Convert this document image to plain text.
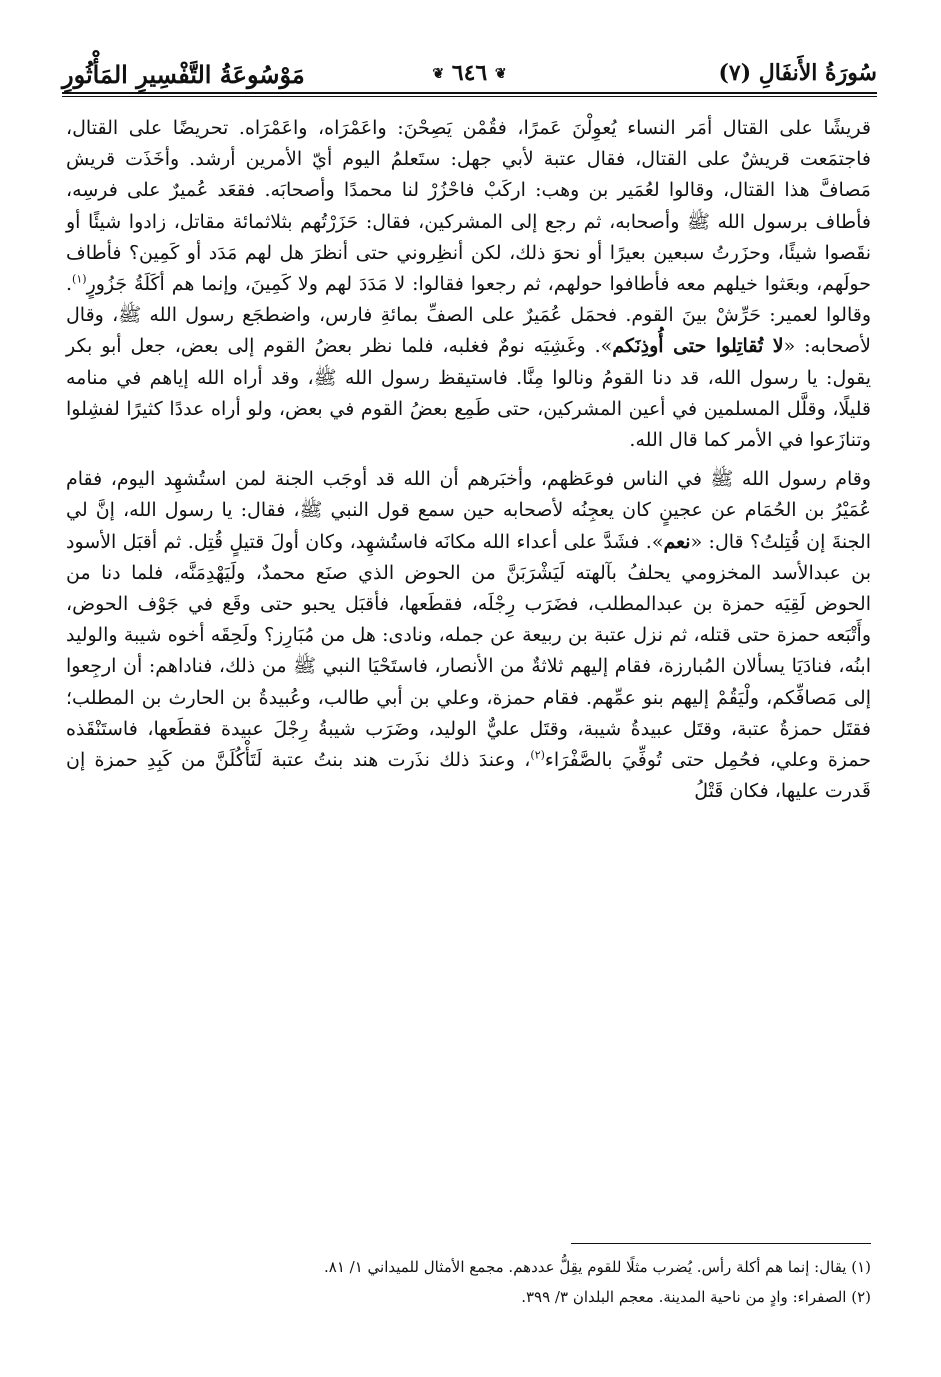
سُورَةُ الأَنفَالِ (٧)
❦ ٦٤٦ ❦
مَوْسُوعَةُ التَّفْسِيرِ المَأْثُورِ

قريشًا على القتال أمَر النساء يُعوِلْنَ عَمرًا، فقُمْن يَصِحْنَ: واعَمْرَاه، واعَمْرَاه. تحريضًا على القتال، فاجتمَعت قريشٌ على القتال، فقال عتبة لأبي جهل: ستَعلمُ اليوم أيّ الأمرين أرشد. وأخَذَت قريش مَصافَّ هذا القتال، وقالوا لعُمَير بن وهب: اركَبْ فاحْزُرْ لنا محمدًا وأصحابَه. فقعَد عُميرٌ على فرسِه، فأطاف برسول الله ﷺ وأصحابه، ثم رجع إلى المشركين، فقال: حَزَرْتُهم بثلاثمائة مقاتل، زادوا شيئًا أو نقَصوا شيئًا، وحزَرتُ سبعين بعيرًا أو نحوَ ذلك، لكن أنظِروني حتى أنظرَ هل لهم مَدَد أو كَمِين؟ فأطاف حولَهم، وبعَثوا خيلهم معه فأطافوا حولهم، ثم رجعوا فقالوا: لا مَدَدَ لهم ولا كَمِينَ، وإنما هم أكَلَةُ جَزُورٍ$^{(١)}$. وقالوا لعمير: حَرِّشْ بينَ القوم. فحمَل عُمَيرٌ على الصفِّ بمائةِ فارس، واضطجَع رسول الله ﷺ، وقال لأصحابه: «لا تُقاتِلوا حتى أُوذِنَكم». وغَشِيَه نومٌ فغلبه، فلما نظر بعضُ القوم إلى بعض، جعل أبو بكر يقول: يا رسول الله، قد دنا القومُ ونالوا مِنَّا. فاستيقظ رسول الله ﷺ، وقد أراه الله إياهم في منامه قليلًا، وقلَّل المسلمين في أعين المشركين، حتى طَمِع بعضُ القوم في بعض، ولو أراه عددًا كثيرًا لفشِلوا وتنازَعوا في الأمر كما قال الله.

وقام رسول الله ﷺ في الناس فوعَظهم، وأخبَرهم أن الله قد أوجَب الجنة لمن استُشهِد اليوم، فقام عُمَيْرُ بن الحُمَام عن عجينٍ كان يعجِنُه لأصحابه حين سمع قول النبي ﷺ، فقال: يا رسول الله، إنَّ لي الجنةَ إن قُتِلتُ؟ قال: «نعم». فشَدَّ على أعداء الله مكانَه فاستُشهِد، وكان أولَ قتيلٍ قُتِل. ثم أقبَل الأسود بن عبدالأسد المخزومي يحلفُ بآلهته لَيَشْرَبَنَّ من الحوض الذي صنَع محمدٌ، ولَيَهْدِمَنَّه، فلما دنا من الحوض لَقِيَه حمزة بن عبدالمطلب، فضَرَب رِجْلَه، فقطَعها، فأقبَل يحبو حتى وقَع في جَوْف الحوض، وأَتْبَعه حمزة حتى قتله، ثم نزل عتبة بن ربيعة عن جمله، ونادى: هل من مُبَارِز؟ ولَحِقَه أخوه شيبة والوليد ابنُه، فنادَيَا يسألان المُبارزة، فقام إليهم ثلاثةٌ من الأنصار، فاستَحْيَا النبي ﷺ من ذلك، فناداهم: أن ارجِعوا إلى مَصافِّكم، ولْيَقُمْ إليهم بنو عمِّهم. فقام حمزة، وعلي بن أبي طالب، وعُبيدةُ بن الحارث بن المطلب؛ فقتَل حمزةُ عتبة، وقتَل عبيدةُ شيبة، وقتَل عليٌّ الوليد، وضَرَب شيبةُ رِجْلَ عبيدة فقطَعها، فاستَنْقَذه حمزة وعلي، فحُمِل حتى تُوفِّيَ بالصَّفْرَاء$^{(٢)}$، وعندَ ذلك نذَرت هند بنتُ عتبة لَتَأْكُلَنَّ من كَبِدِ حمزة إن قَدرت عليها، فكان قَتْلُ

(١) يقال: إنما هم أكلة رأس. يُضرب مثلًا للقوم يقِلُّ عددهم. مجمع الأمثال للميداني ١/ ٨١.

(٢) الصفراء: وادٍ من ناحية المدينة. معجم البلدان ٣/ ٣٩٩.
